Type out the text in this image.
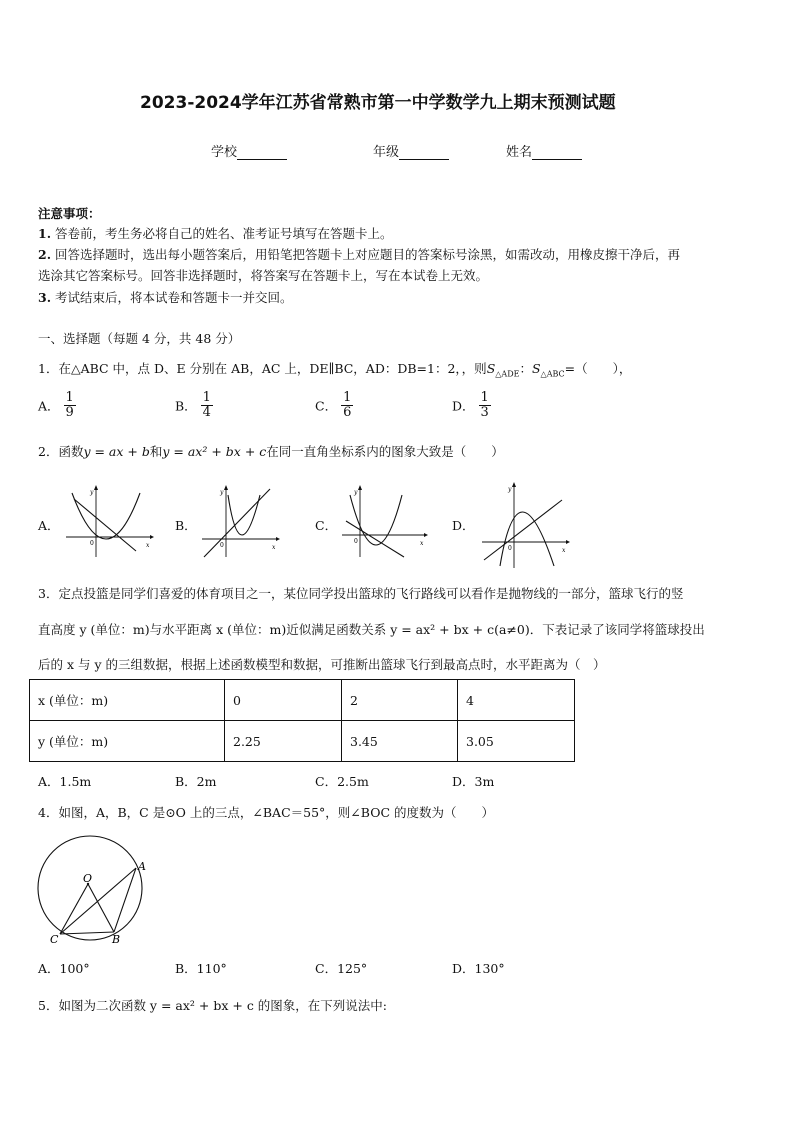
2023-2024学年江苏省常熟市第一中学数学九上期末预测试题
学校	年级	姓名
注意事项：
1. 答卷前，考生务必将自己的姓名、准考证号填写在答题卡上。
2. 回答选择题时，选出每小题答案后，用铅笔把答题卡上对应题目的答案标号涂黑，如需改动，用橡皮擦干净后，再
选涂其它答案标号。回答非选择题时，将答案写在答题卡上，写在本试卷上无效。
3. 考试结束后，将本试卷和答题卡一并交回。
一、选择题（每题 4 分，共 48 分）
1．在△ABC 中，点 D、E 分别在 AB，AC 上，DE∥BC，AD：DB=1：2，，则$S_{\triangle ADE}$：$S_{\triangle ABC}=$（　　），
A． $\frac{1}{9}$	B． $\frac{1}{4}$	C． $\frac{1}{6}$	D． $\frac{1}{3}$
2．函数y = ax + b和y = ax² + bx + c在同一直角坐标系内的图象大致是（　　）
A．	B．	C．	D．
y
x
0
y
x
0
y
x
0
y
x
0
3．定点投篮是同学们喜爱的体育项目之一，某位同学投出篮球的飞行路线可以看作是抛物线的一部分，篮球飞行的竖
直高度 y (单位：m)与水平距离 x (单位：m)近似满足函数关系 y = ax² + bx + c(a≠0)．下表记录了该同学将篮球投出
后的 x 与 y 的三组数据，根据上述函数模型和数据，可推断出篮球飞行到最高点时，水平距离为（　）
x (单位：m)	0	2	4
y (单位：m)	2.25	3.45	3.05
A．1.5m	B．2m	C．2.5m	D．3m
4．如图，A，B，C 是⊙O 上的三点，∠BAC＝55°，则∠BOC 的度数为（　　）
O
A
B
C
A．100°	B．110°	C．125°	D．130°
5．如图为二次函数 y = ax² + bx + c 的图象，在下列说法中:
